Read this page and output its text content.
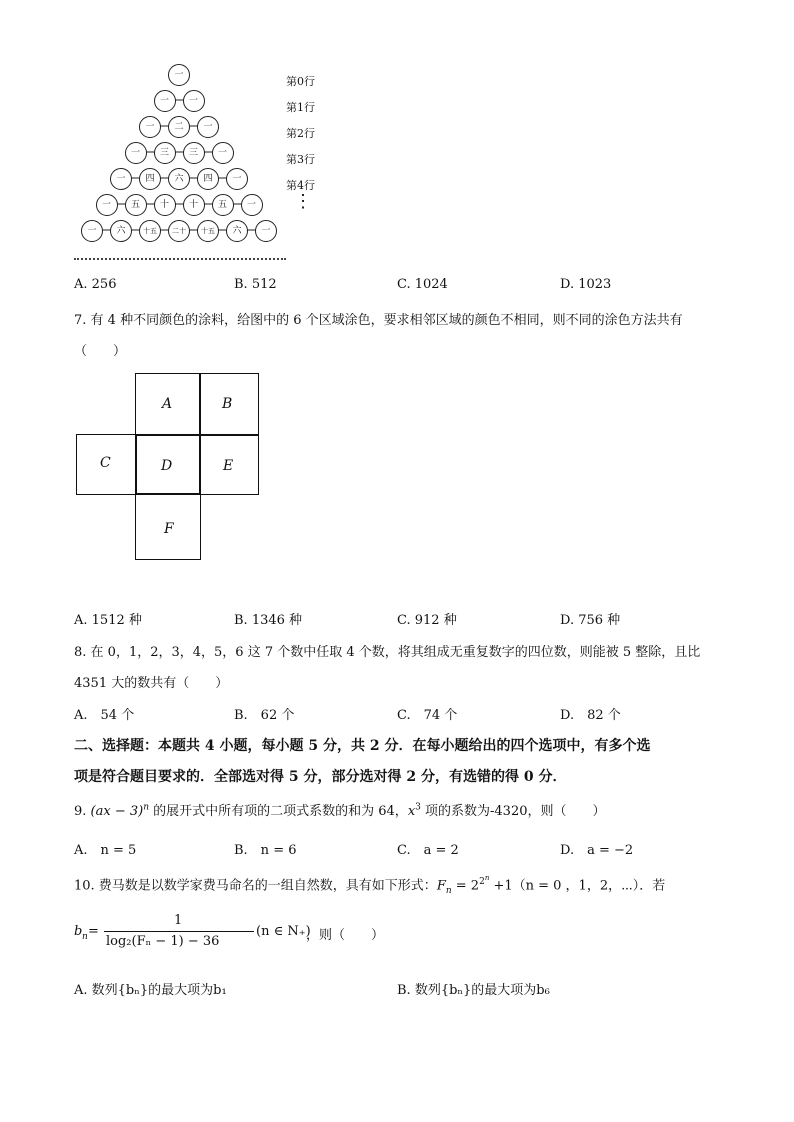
一
一	一
一	二	一
一	三	三	一
一	四	六	四	一
一	五	十	十	五	一
一	六	十五	二十	十五	六	一
第0行
第1行
第2行
第3行
第4行
⋮
A. 256	B. 512	C. 1024	D. 1023
7. 有 4 种不同颜色的涂料，给图中的 6 个区域涂色，要求相邻区域的颜色不相同，则不同的涂色方法共有
（　　）
A	B
C	D	E
F
A. 1512 种	B. 1346 种	C. 912 种	D. 756 种
8. 在 0，1，2，3，4，5，6 这 7 个数中任取 4 个数，将其组成无重复数字的四位数，则能被 5 整除，且比
4351 大的数共有（　　）
A.　54 个	B.　62 个	C.　74 个	D.　82 个
二、选择题：本题共 4 小题，每小题 5 分，共 2 分．在每小题给出的四个选项中，有多个选
项是符合题目要求的．全部选对得 5 分，部分选对得 2 分，有选错的得 0 分．
9. (ax − 3)$^n$ 的展开式中所有项的二项式系数的和为 64，$x^3$ 项的系数为-4320，则（　　）
A.　n = 5	B.　n = 6	C.　a = 2	D.　a = −2
10. 费马数是以数学家费马命名的一组自然数，具有如下形式：$F_n = 2^{2^n} +1(n = 0$ ，1，2，⋯）．若
b n =
1
log₂(Fₙ − 1) − 36
(n ∈ N₊)
，则（　　）
A. 数列{bₙ}的最大项为b₁	B. 数列{bₙ}的最大项为b₆
